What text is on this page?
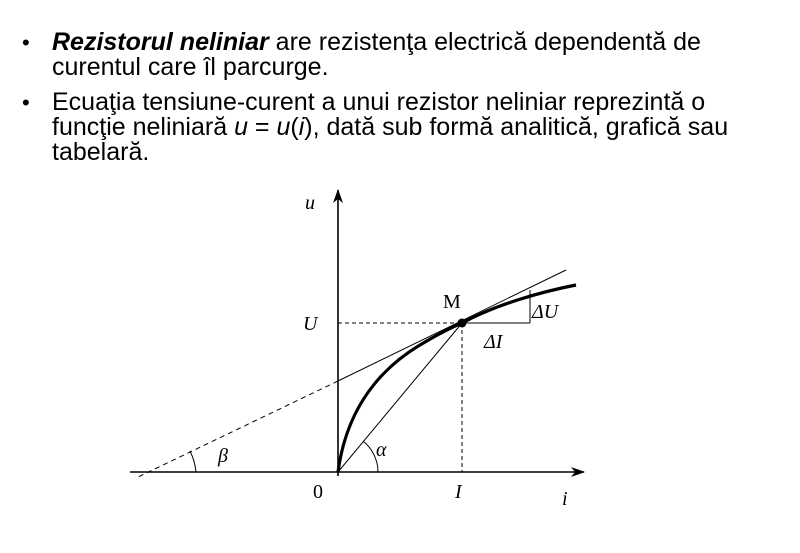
• Rezistorul neliniar are rezistenţa electrică dependentă de curentul care îl parcurge.
• Ecuaţia tensiune-curent a unui rezistor neliniar reprezintă o funcţie neliniară u = u(i), dată sub formă analitică, grafică sau tabelară.
u
i
0
M
U
I
ΔU
ΔI
α
β
